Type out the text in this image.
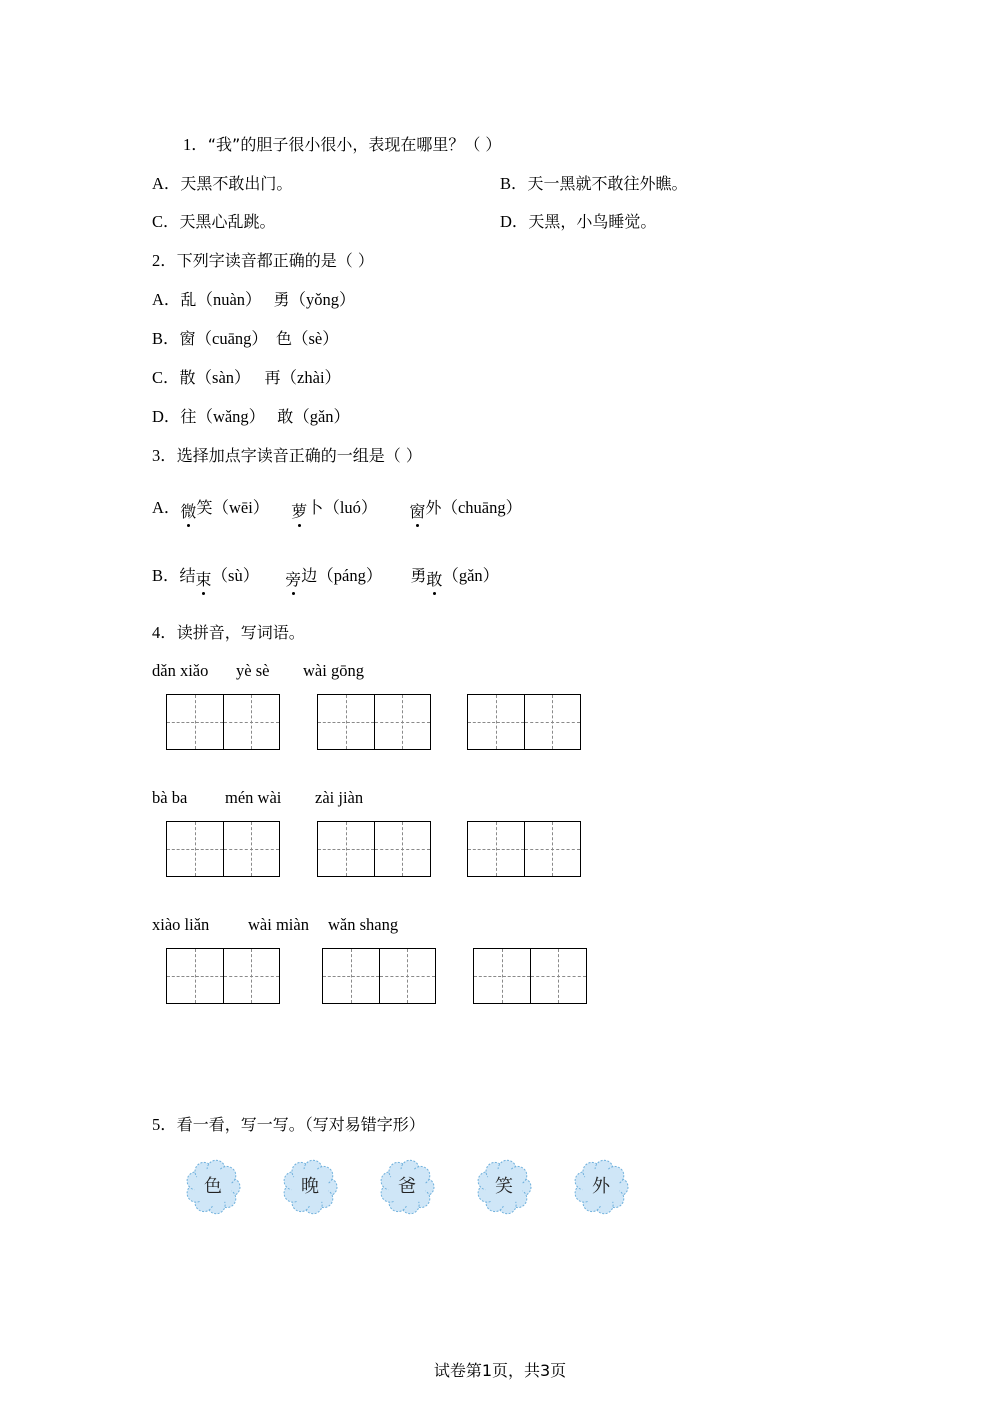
1．“我”的胆子很小很小，表现在哪里？（ ）
A．天黑不敢出门。	B．天一黑就不敢往外瞧。
C．天黑心乱跳。	D．天黑，小鸟睡觉。
2．下列字读音都正确的是（ ）
A．乱（nuàn） 勇（yǒng）
B．窗（cuāng） 色（sè）
C．散（sàn） 再（zhài）
D．往（wǎng） 敢（gǎn）
3．选择加点字读音正确的一组是（ ）
A．微
笑（wēi） 萝
卜（luó） 窗
外（chuāng）
B．结束
（sù） 旁
边（páng） 勇敢
（gǎn）
4．读拼音，写词语。
dǎn xiǎo yè sè wài gōng
bà ba mén wài zài jiàn
xiào liǎn wài miàn wǎn shang
5．看一看，写一写。（写对易错字形）
色	晚	爸	笑	外
试卷第1页，共3页
